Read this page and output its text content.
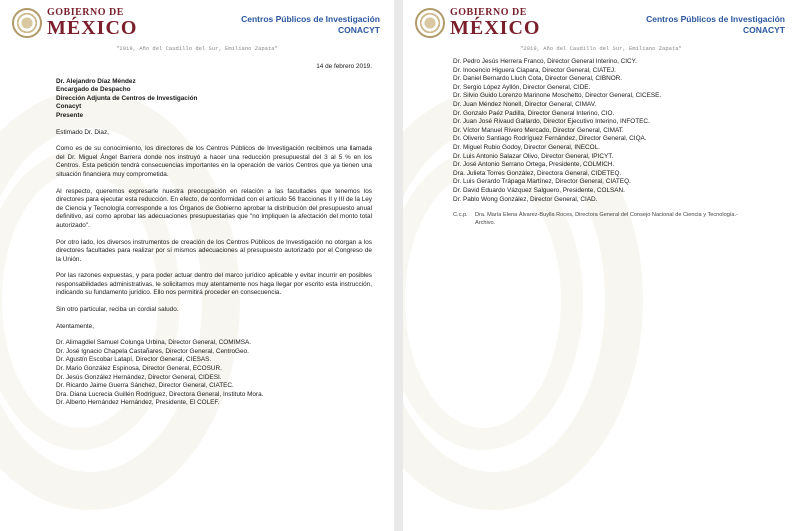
GOBIERNO DE
MÉXICO	Centros Públicos de Investigación
CONACYT
"2019, Año del Caudillo del Sur, Emiliano Zapata"
14 de febrero 2019.
Dr. Alejandro Díaz Méndez
Encargado de Despacho
Dirección Adjunta de Centros de Investigación
Conacyt
Presente
Estimado Dr. Diaz,

Como es de su conocimiento, los directores de los Centros Públicos de Investigación recibimos una llamada del Dr. Miguel Ángel Barrera donde nos instruyó a hacer una reducción presupuestal del 3 al 5 % en los Centros. Esta petición tendrá consecuencias importantes en la operación de varios Centros que ya tienen una situación financiera muy comprometida.

Al respecto, queremos expresarle nuestra preocupación en relación a las facultades que tenemos los directores para ejecutar esta reducción. En efecto, de conformidad con el artículo 56 fracciones II y III de la Ley de Ciencia y Tecnología corresponde a los Órganos de Gobierno aprobar la distribución del presupuesto anual definitivo, así como aprobar las adecuaciones presupuestarias que "no impliquen la afectación del monto total autorizado".

Por otro lado, los diversos instrumentos de creación de los Centros Públicos de Investigación no otorgan a los directores facultades para realizar por sí mismos adecuaciones al presupuesto autorizado por el Congreso de la Unión.

Por las razones expuestas, y para poder actuar dentro del marco jurídico aplicable y evitar incurrir en posibles responsabilidades administrativas, le solicitamos muy atentamente nos haga llegar por escrito esta instrucción, indicando su fundamento jurídico. Ello nos permitirá proceder en consecuencia.

Sin otro particular, reciba un cordial saludo.

Atentamente,
Dr. Alimagdiel Samuel Colunga Urbina, Director General, COMIMSA.
Dr. José Ignacio Chapela Castañares, Director General, CentroGeo.
Dr. Agustín Escobar Latapí, Director General, CIESAS.
Dr. Mario González Espinosa, Director General, ECOSUR.
Dr. Jesús González Hernández, Director General, CIDESI.
Dr. Ricardo Jaime Guerra Sánchez, Director General, CIATEC.
Dra. Diana Lucrecia Guillén Rodríguez, Directora General, Instituto Mora.
Dr. Alberto Hernández Hernández, Presidente, El COLEF.
GOBIERNO DE
MÉXICO	Centros Públicos de Investigación
CONACYT
"2019, Año del Caudillo del Sur, Emiliano Zapata"
Dr. Pedro Jesús Herrera Franco, Director General Interino, CICY.
Dr. Inocencio Higuera Ciapara, Director General, CIATEJ.
Dr. Daniel Bernardo Lluch Cota, Director General, CIBNOR.
Dr. Sergio López Ayllón, Director General, CIDE.
Dr. Silvio Guido Lorenzo Marinone Moschetto, Director General, CICESE.
Dr. Juan Méndez Nonell, Director General, CIMAV.
Dr. Gonzalo Paéz Padilla, Director General Interino, CIO.
Dr. Juan José Rivaud Gallardo, Director Ejecutivo Interino, INFOTEC.
Dr. Víctor Manuel Rivero Mercado, Director General, CIMAT.
Dr. Oliverio Santiago Rodríguez Fernández, Director General, CIQA.
Dr. Miguel Rubio Godoy, Director General, INECOL.
Dr. Luis Antonio Salazar Olivo, Director General, IPICYT.
Dr. José Antonio Serrano Ortega, Presidente, COLMICH.
Dra. Julieta Torres González, Directora General, CIDETEQ.
Dr. Luis Gerardo Trápaga Martínez, Director General, CIATEQ.
Dr. David Eduardo Vázquez Salguero, Presidente, COLSAN.
Dr. Pablo Wong González, Director General, CIAD.
C.c.p.	Dra. María Elena Álvarez-Buylla Roces, Directora General del Consejo Nacional de Ciencia y Tecnología.-
Archivo.
